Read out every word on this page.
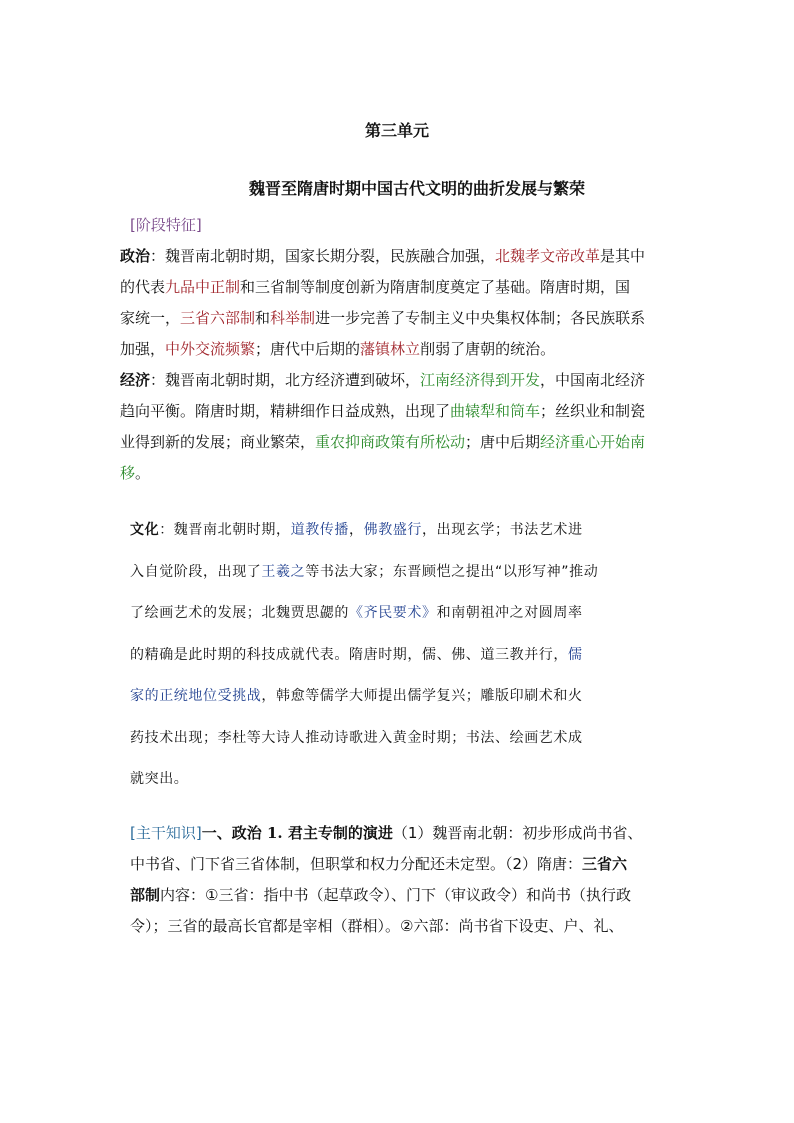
第三单元
魏晋至隋唐时期中国古代文明的曲折发展与繁荣
[阶段特征]
政治：魏晋南北朝时期，国家长期分裂，民族融合加强，北魏孝文帝改革是其中
的代表九品中正制和三省制等制度创新为隋唐制度奠定了基础。隋唐时期，国
家统一，三省六部制和科举制进一步完善了专制主义中央集权体制；各民族联系
加强，中外交流频繁；唐代中后期的藩镇林立削弱了唐朝的统治。
经济：魏晋南北朝时期，北方经济遭到破坏，江南经济得到开发，中国南北经济
趋向平衡。隋唐时期，精耕细作日益成熟，出现了曲辕犁和筒车；丝织业和制瓷
业得到新的发展；商业繁荣，重农抑商政策有所松动；唐中后期经济重心开始南
移。
文化：魏晋南北朝时期，道教传播，佛教盛行，出现玄学；书法艺术进
入自觉阶段，出现了王羲之等书法大家；东晋顾恺之提出“以形写神”推动
了绘画艺术的发展；北魏贾思勰的《齐民要术》和南朝祖冲之对圆周率
的精确是此时期的科技成就代表。隋唐时期，儒、佛、道三教并行，儒
家的正统地位受挑战，韩愈等儒学大师提出儒学复兴；雕版印刷术和火
药技术出现；李杜等大诗人推动诗歌进入黄金时期；书法、绘画艺术成
就突出。
[主干知识]一、政治 1. 君主专制的演进（1）魏晋南北朝：初步形成尚书省、
中书省、门下省三省体制，但职掌和权力分配还未定型。（2）隋唐：三省六
部制内容：①三省：指中书（起草政令）、门下（审议政令）和尚书（执行政
令）；三省的最高长官都是宰相（群相）。②六部：尚书省下设吏、户、礼、
